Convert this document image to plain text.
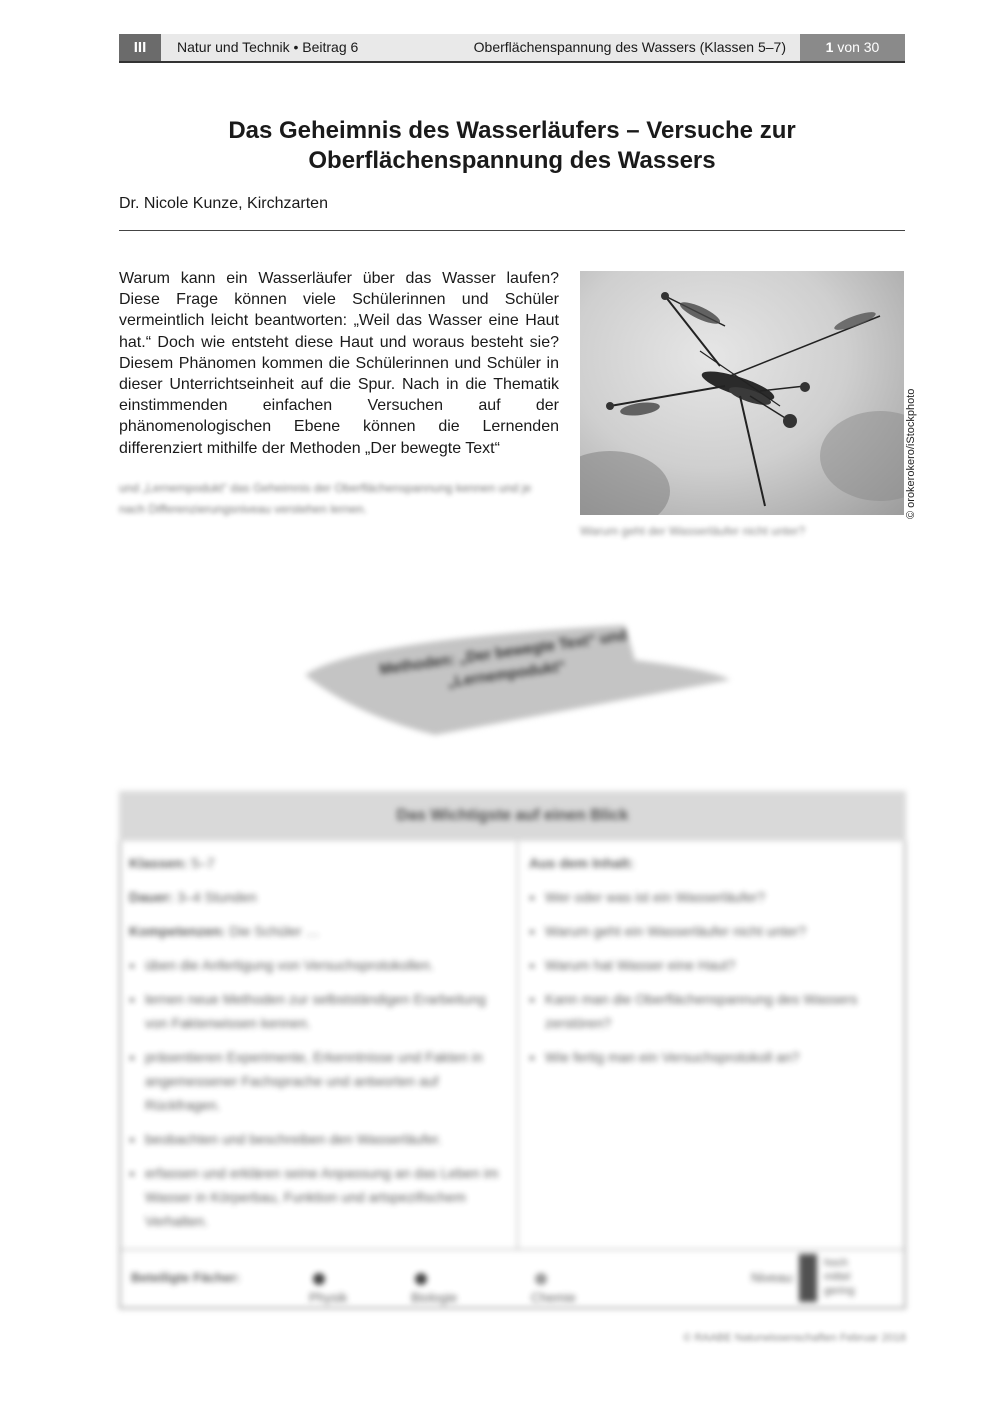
III	Natur und Technik • Beitrag 6	Oberflächenspannung des Wassers (Klassen 5–7)	1 von 30
Das Geheimnis des Wasserläufers – Versuche zur Oberflächenspannung des Wassers
Dr. Nicole Kunze, Kirchzarten
Warum kann ein Wasserläufer über das Wasser laufen? Diese Frage können viele Schülerinnen und Schüler vermeintlich leicht beantworten: „Weil das Wasser eine Haut hat.“ Doch wie entsteht diese Haut und woraus besteht sie? Diesem Phänomen kommen die Schülerinnen und Schüler in dieser Unterrichtseinheit auf die Spur. Nach in die Thematik einstimmenden einfachen Versuchen auf der phänomenologischen Ebene können die Lernenden differenziert mithilfe der Methoden „Der bewegte Text“
und „Lernempodukt“ das Geheimnis der Oberflächenspannung kennen und je nach Differenzierungsniveau verstehen lernen.	© orokerokero/iStockphoto
Warum geht der Wasserläufer nicht unter?
Methoden: „Der bewegte Text“ und „Lernempodukt“
Das Wichtigste auf einen Blick

Klassen: 5–7

Dauer: 3–4 Stunden

Kompetenzen: Die Schüler …

• üben die Anfertigung von Versuchsprotokollen.
• lernen neue Methoden zur selbstständigen Erarbeitung von Faktenwissen kennen.
• präsentieren Experimente, Erkenntnisse und Fakten in angemessener Fachsprache und antworten auf Rückfragen.
• beobachten und beschreiben den Wasserläufer.
• erfassen und erklären seine Anpassung an das Leben im Wasser in Körperbau, Funktion und artspezifischem Verhalten.

Aus dem Inhalt:

• Wer oder was ist ein Wasserläufer?
• Warum geht ein Wasserläufer nicht unter?
• Warum hat Wasser eine Haut?
• Kann man die Oberflächenspannung des Wassers zerstören?
• Wie fertig man ein Versuchsprotokoll an?
Beteiligte Fächer:
Physik	Biologie	Chemie
Niveau:
hoch mittel gering
© RAABE Naturwissenschaften Februar 2018
